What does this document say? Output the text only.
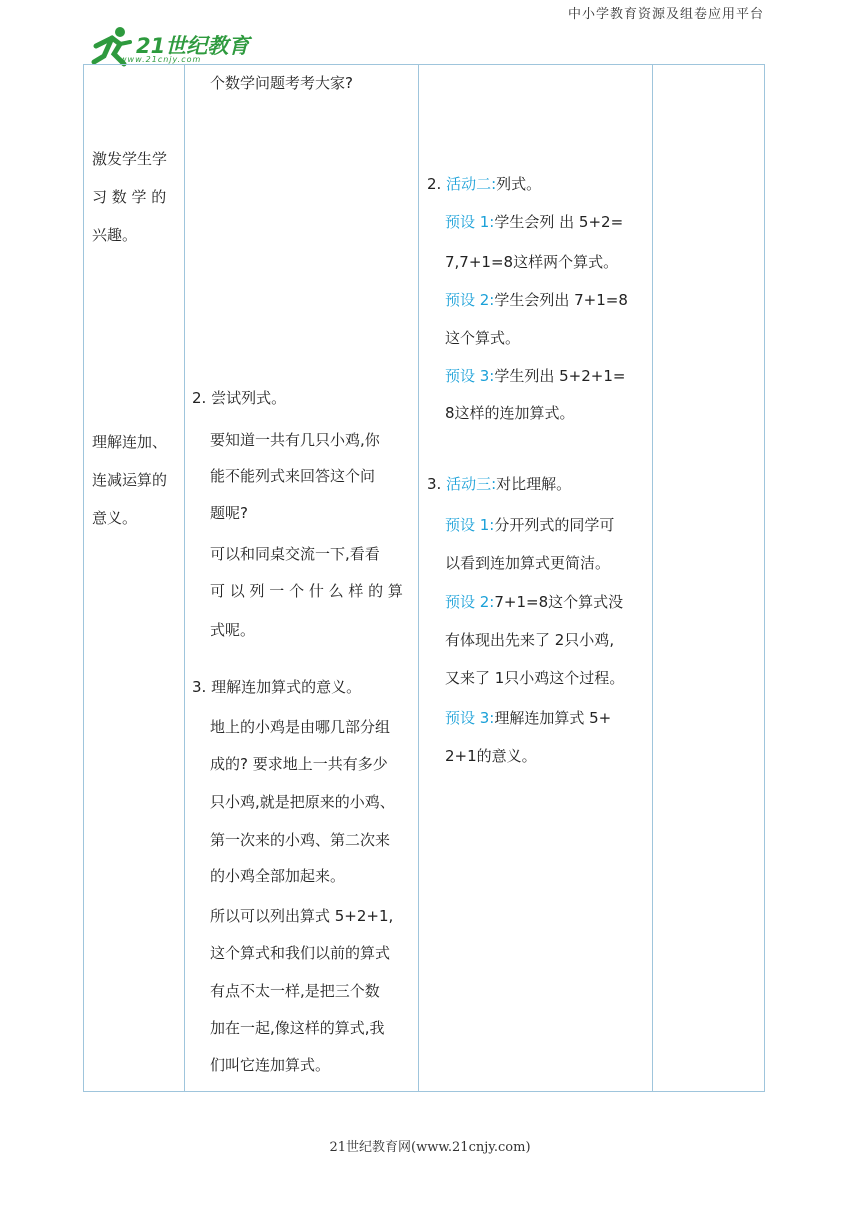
中小学教育资源及组卷应用平台
21世纪教育
www.21cnjy.com
激发学生学
习 数 学 的
兴趣。
理解连加、
连减运算的
意义。
个数学问题考考大家?
2. 尝试列式。
要知道一共有几只小鸡,你
能不能列式来回答这个问
题呢?
可以和同桌交流一下,看看
可 以 列 一 个 什 么 样 的 算
式呢。
3. 理解连加算式的意义。
地上的小鸡是由哪几部分组
成的? 要求地上一共有多少
只小鸡,就是把原来的小鸡、
第一次来的小鸡、第二次来
的小鸡全部加起来。
所以可以列出算式 5+2+1,
这个算式和我们以前的算式
有点不太一样,是把三个数
加在一起,像这样的算式,我
们叫它连加算式。
2. 活动二:列式。
预设 1:学生会列 出 5+2=
7,7+1=8这样两个算式。
预设 2:学生会列出 7+1=8
这个算式。
预设 3:学生列出 5+2+1=
8这样的连加算式。
3. 活动三:对比理解。
预设 1:分开列式的同学可
以看到连加算式更简洁。
预设 2:7+1=8这个算式没
有体现出先来了 2只小鸡,
又来了 1只小鸡这个过程。
预设 3:理解连加算式 5+
2+1的意义。
21世纪教育网(www.21cnjy.com)
